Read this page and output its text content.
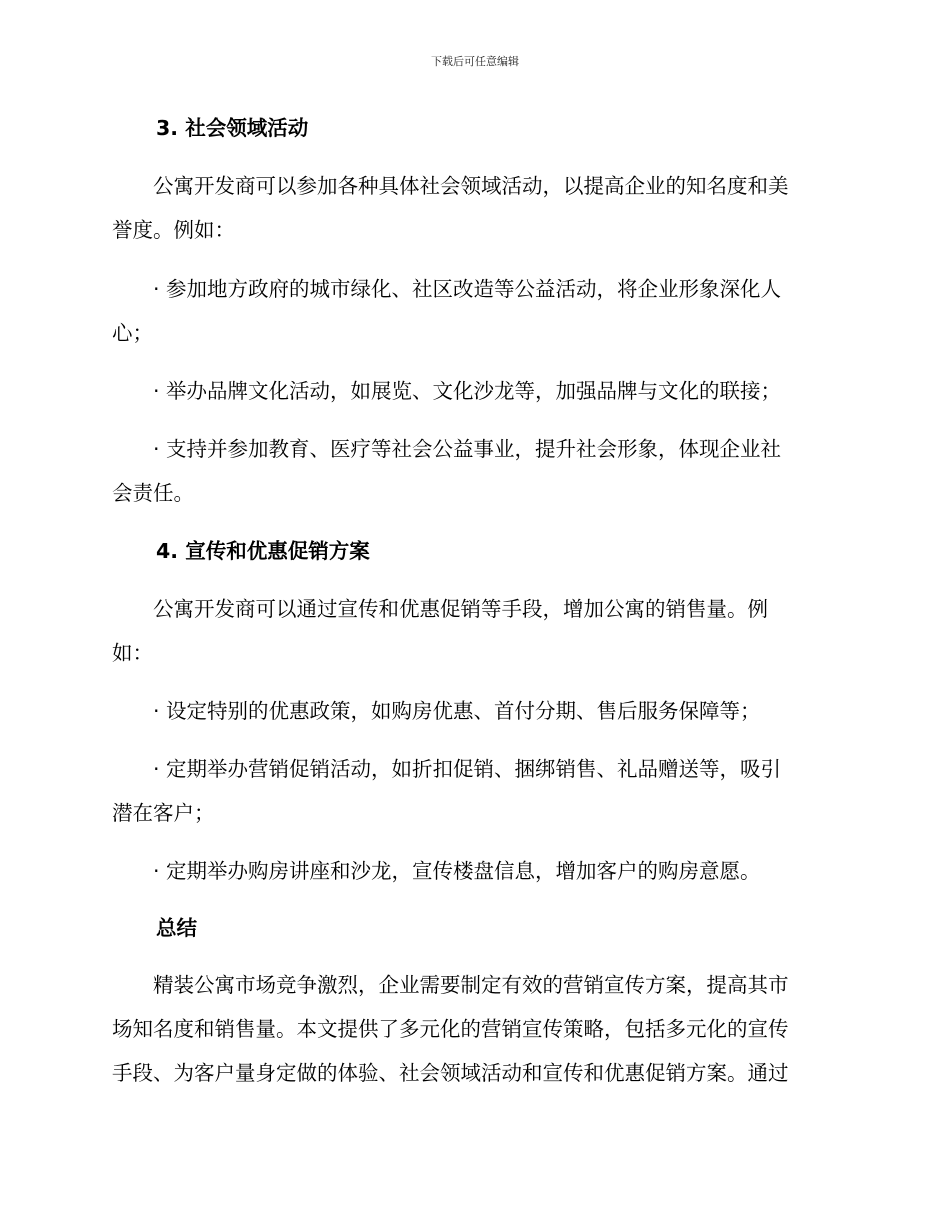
下载后可任意编辑
3. 社会领域活动
　　公寓开发商可以参加各种具体社会领域活动，以提高企业的知名度和美
誉度。例如：
　　· 参加地方政府的城市绿化、社区改造等公益活动，将企业形象深化人
心；
　　· 举办品牌文化活动，如展览、文化沙龙等，加强品牌与文化的联接；
　　· 支持并参加教育、医疗等社会公益事业，提升社会形象，体现企业社
会责任。
4. 宣传和优惠促销方案
　　公寓开发商可以通过宣传和优惠促销等手段，增加公寓的销售量。例
如：
　　· 设定特别的优惠政策，如购房优惠、首付分期、售后服务保障等；
　　· 定期举办营销促销活动，如折扣促销、捆绑销售、礼品赠送等，吸引
潜在客户；
　　· 定期举办购房讲座和沙龙，宣传楼盘信息，增加客户的购房意愿。
总结
　　精装公寓市场竞争激烈，企业需要制定有效的营销宣传方案，提高其市
场知名度和销售量。本文提供了多元化的营销宣传策略，包括多元化的宣传
手段、为客户量身定做的体验、社会领域活动和宣传和优惠促销方案。通过
